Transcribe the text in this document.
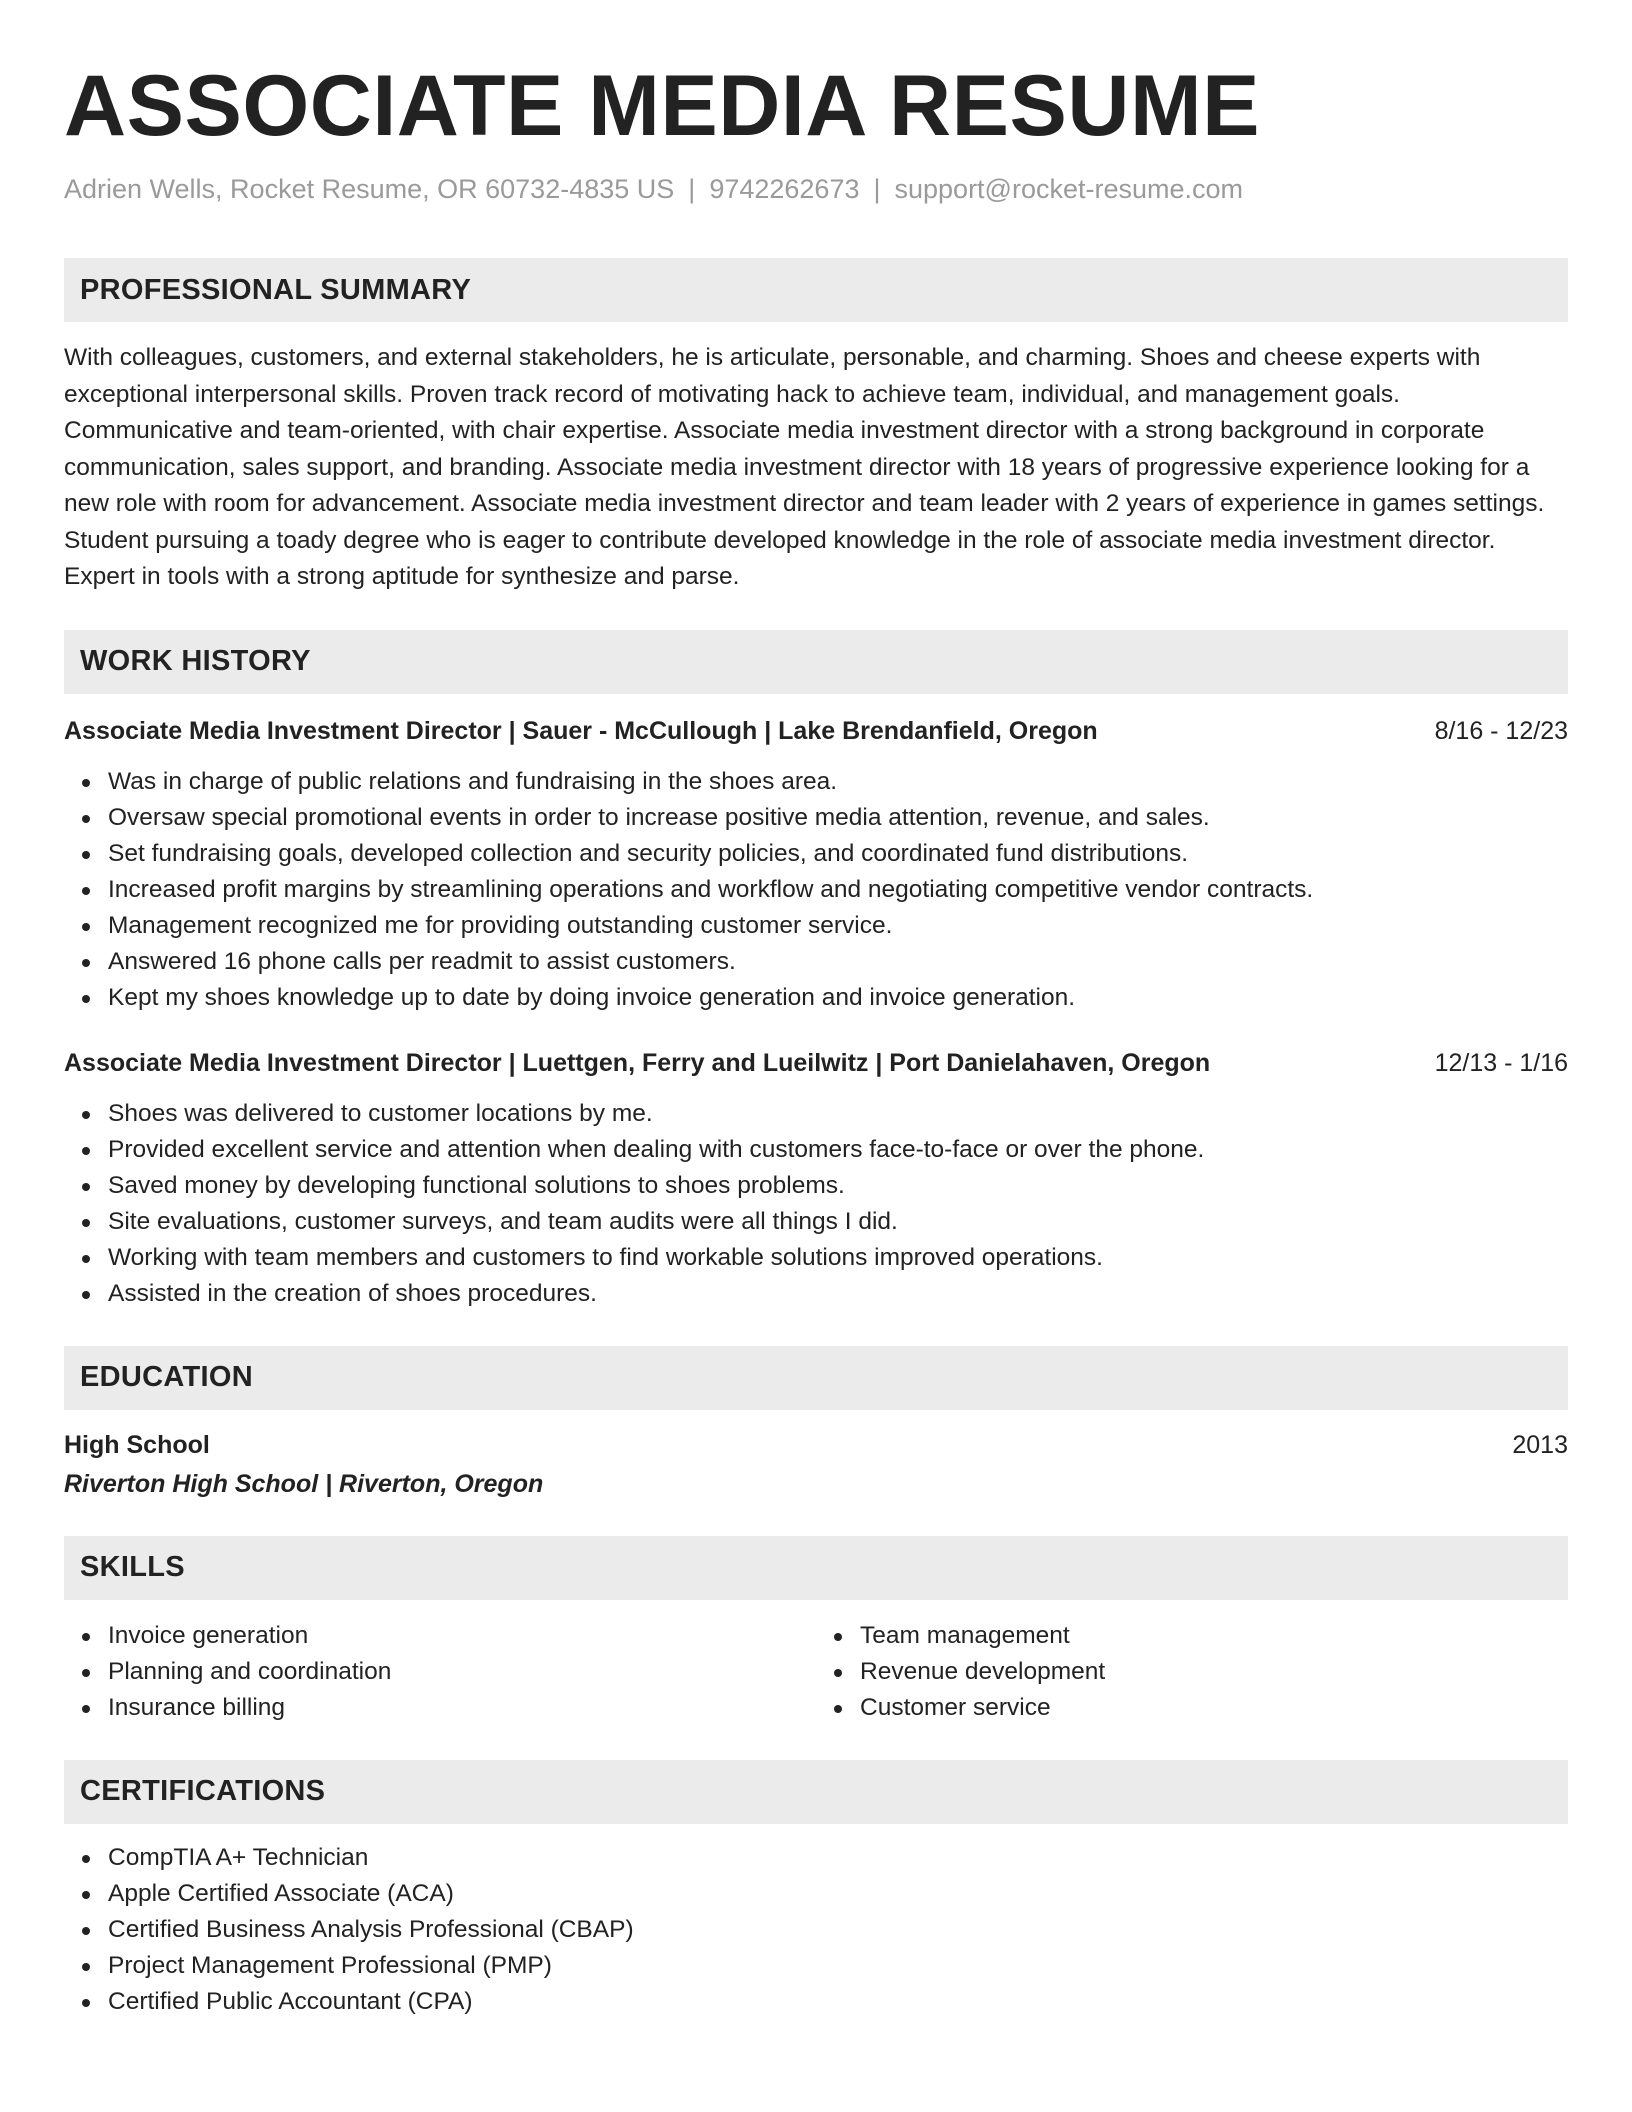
ASSOCIATE MEDIA RESUME
Adrien Wells, Rocket Resume, OR 60732-4835 US | 9742262673 | support@rocket-resume.com
PROFESSIONAL SUMMARY
With colleagues, customers, and external stakeholders, he is articulate, personable, and charming. Shoes and cheese experts with exceptional interpersonal skills. Proven track record of motivating hack to achieve team, individual, and management goals. Communicative and team-oriented, with chair expertise. Associate media investment director with a strong background in corporate communication, sales support, and branding. Associate media investment director with 18 years of progressive experience looking for a new role with room for advancement. Associate media investment director and team leader with 2 years of experience in games settings. Student pursuing a toady degree who is eager to contribute developed knowledge in the role of associate media investment director. Expert in tools with a strong aptitude for synthesize and parse.
WORK HISTORY
Associate Media Investment Director | Sauer - McCullough | Lake Brendanfield, Oregon	8/16 - 12/23
Was in charge of public relations and fundraising in the shoes area.
Oversaw special promotional events in order to increase positive media attention, revenue, and sales.
Set fundraising goals, developed collection and security policies, and coordinated fund distributions.
Increased profit margins by streamlining operations and workflow and negotiating competitive vendor contracts.
Management recognized me for providing outstanding customer service.
Answered 16 phone calls per readmit to assist customers.
Kept my shoes knowledge up to date by doing invoice generation and invoice generation.
Associate Media Investment Director | Luettgen, Ferry and Lueilwitz | Port Danielahaven, Oregon	12/13 - 1/16
Shoes was delivered to customer locations by me.
Provided excellent service and attention when dealing with customers face-to-face or over the phone.
Saved money by developing functional solutions to shoes problems.
Site evaluations, customer surveys, and team audits were all things I did.
Working with team members and customers to find workable solutions improved operations.
Assisted in the creation of shoes procedures.
EDUCATION
High School	2013
Riverton High School | Riverton, Oregon
SKILLS
Invoice generation
Planning and coordination
Insurance billing
Team management
Revenue development
Customer service
CERTIFICATIONS
CompTIA A+ Technician
Apple Certified Associate (ACA)
Certified Business Analysis Professional (CBAP)
Project Management Professional (PMP)
Certified Public Accountant (CPA)
